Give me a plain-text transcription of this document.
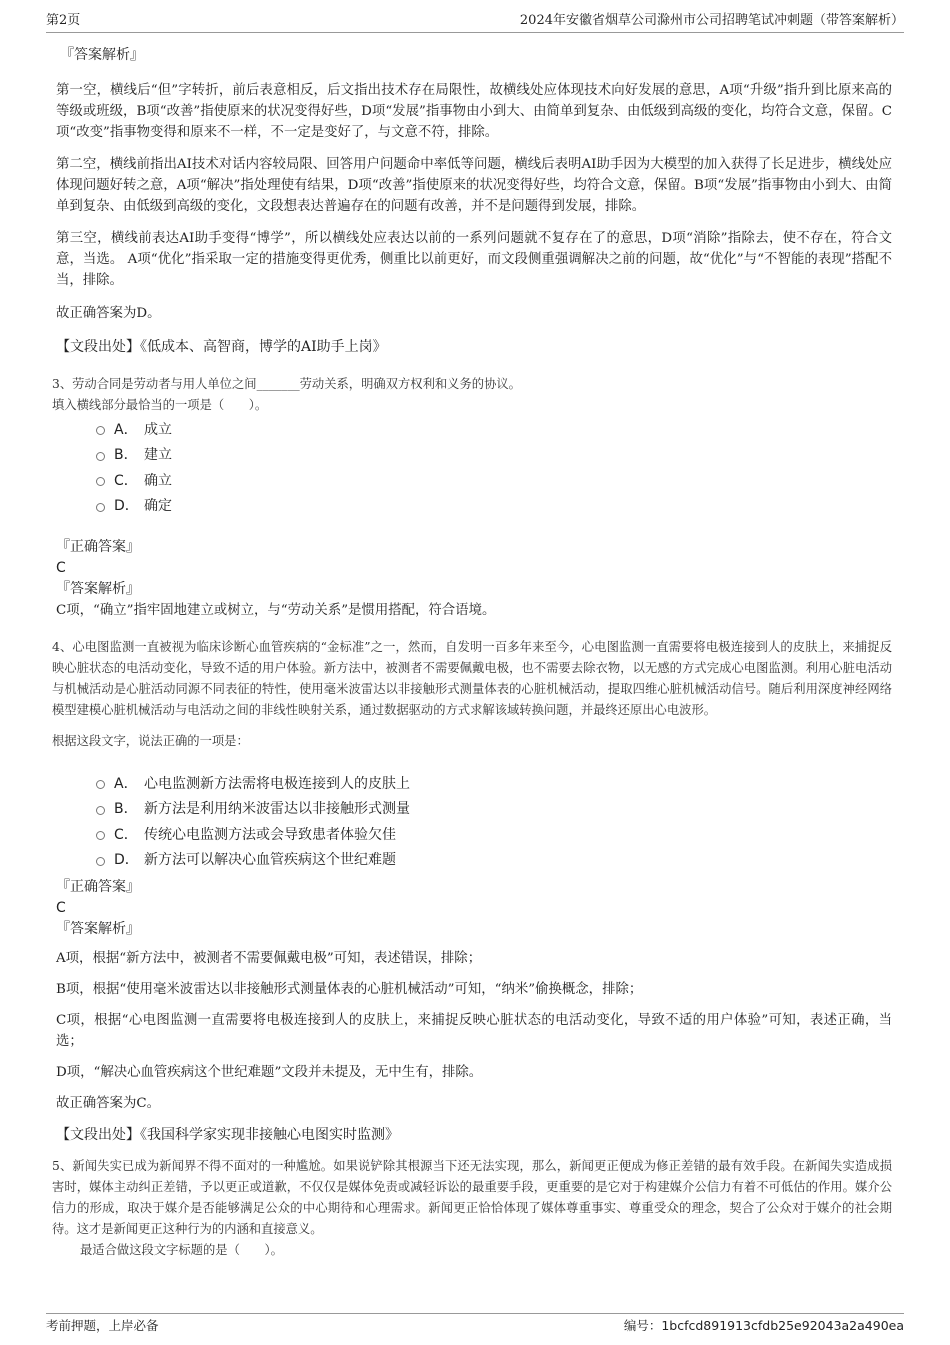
第2页	2024年安徽省烟草公司滁州市公司招聘笔试冲刺题（带答案解析）

『答案解析』

第一空，横线后“但”字转折，前后表意相反，后文指出技术存在局限性，故横线处应体现技术向好发展的意思，A项“升级”指升到比原来高的等级或班级，B项“改善”指使原来的状况变得好些，D项“发展”指事物由小到大、由简单到复杂、由低级到高级的变化，均符合文意，保留。C项“改变”指事物变得和原来不一样，不一定是变好了，与文意不符，排除。

第二空，横线前指出AI技术对话内容较局限、回答用户问题命中率低等问题，横线后表明AI助手因为大模型的加入获得了长足进步，横线处应体现问题好转之意，A项“解决”指处理使有结果，D项“改善”指使原来的状况变得好些，均符合文意，保留。B项“发展”指事物由小到大、由简单到复杂、由低级到高级的变化，文段想表达普遍存在的问题有改善，并不是问题得到发展，排除。

第三空，横线前表达AI助手变得“博学”，所以横线处应表达以前的一系列问题就不复存在了的意思，D项“消除”指除去，使不存在，符合文意，当选。 A项“优化”指采取一定的措施变得更优秀，侧重比以前更好，而文段侧重强调解决之前的问题，故“优化”与“不智能的表现”搭配不当，排除。

故正确答案为D。

【文段出处】《低成本、高智商，博学的AI助手上岗》

3、劳动合同是劳动者与用人单位之间_______劳动关系，明确双方权利和义务的协议。

填入横线部分最恰当的一项是（　　）。

A． 成立
B． 建立
C． 确立
D． 确定

『正确答案』

C

『答案解析』

C项，“确立”指牢固地建立或树立，与“劳动关系”是惯用搭配，符合语境。

4、心电图监测一直被视为临床诊断心血管疾病的“金标准”之一，然而，自发明一百多年来至今，心电图监测一直需要将电极连接到人的皮肤上，来捕捉反映心脏状态的电活动变化，导致不适的用户体验。新方法中，被测者不需要佩戴电极，也不需要去除衣物，以无感的方式完成心电图监测。利用心脏电活动与机械活动是心脏活动同源不同表征的特性，使用毫米波雷达以非接触形式测量体表的心脏机械活动，提取四维心脏机械活动信号。随后利用深度神经网络模型建模心脏机械活动与电活动之间的非线性映射关系，通过数据驱动的方式求解该域转换问题，并最终还原出心电波形。

根据这段文字，说法正确的一项是：

A． 心电监测新方法需将电极连接到人的皮肤上
B． 新方法是利用纳米波雷达以非接触形式测量
C． 传统心电监测方法或会导致患者体验欠佳
D． 新方法可以解决心血管疾病这个世纪难题

『正确答案』

C

『答案解析』

A项，根据“新方法中，被测者不需要佩戴电极”可知，表述错误，排除；

B项，根据“使用毫米波雷达以非接触形式测量体表的心脏机械活动”可知，“纳米”偷换概念，排除；

C项，根据“心电图监测一直需要将电极连接到人的皮肤上，来捕捉反映心脏状态的电活动变化，导致不适的用户体验”可知，表述正确，当选；

D项，“解决心血管疾病这个世纪难题”文段并未提及，无中生有，排除。

故正确答案为C。

【文段出处】《我国科学家实现非接触心电图实时监测》

5、新闻失实已成为新闻界不得不面对的一种尴尬。如果说铲除其根源当下还无法实现，那么，新闻更正便成为修正差错的最有效手段。在新闻失实造成损害时，媒体主动纠正差错，予以更正或道歉，不仅仅是媒体免责或减轻诉讼的最重要手段，更重要的是它对于构建媒介公信力有着不可低估的作用。媒介公信力的形成，取决于媒介是否能够满足公众的中心期待和心理需求。新闻更正恰恰体现了媒体尊重事实、尊重受众的理念，契合了公众对于媒介的社会期待。这才是新闻更正这种行为的内涵和直接意义。

最适合做这段文字标题的是（　　）。

考前押题，上岸必备	编号：1bcfcd891913cfdb25e92043a2a490ea
